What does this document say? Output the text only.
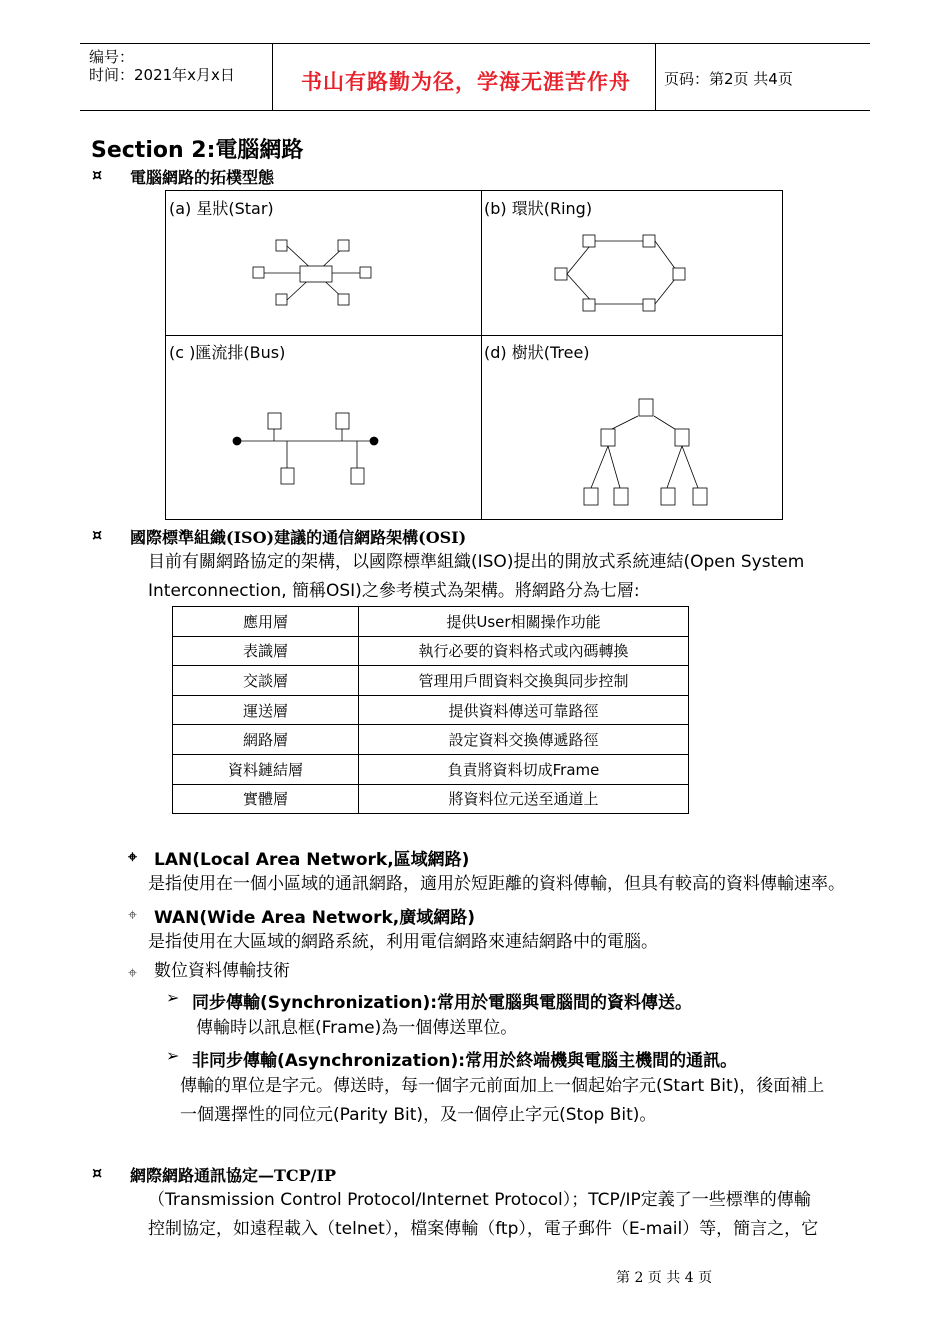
编号：
时间：2021年x月x日	书山有路勤为径，学海无涯苦作舟 页码：第2页 共4页
Section 2:電腦網路
¤ 電腦網路的拓樸型態
(a) 星狀(Star)	(b) 環狀(Ring)
(c )匯流排(Bus)	(d) 樹狀(Tree)
¤ 國際標準組織(ISO)建議的通信網路架構(OSI)
目前有關網路協定的架構，以國際標準組織(ISO)提出的開放式系統連結(Open System
Interconnection, 簡稱OSI)之參考模式為架構。將網路分為七層:
應用層	提供User相關操作功能
表識層	執行必要的資料格式或內碼轉換
交談層	管理用戶間資料交換與同步控制
運送層	提供資料傳送可靠路徑
網路層	設定資料交換傳遞路徑
資料鏈結層	負責將資料切成Frame
實體層	將資料位元送至通道上
⌖ LAN(Local Area Network,區域網路)
是指使用在一個小區域的通訊網路，適用於短距離的資料傳輸，但具有較高的資料傳輸速率。
⌖ WAN(Wide Area Network,廣域網路)
是指使用在大區域的網路系統，利用電信網路來連結網路中的電腦。
⌖ 數位資料傳輸技術
➢ 同步傳輸(Synchronization):常用於電腦與電腦間的資料傳送。
傳輸時以訊息框(Frame)為一個傳送單位。
➢ 非同步傳輸(Asynchronization):常用於終端機與電腦主機間的通訊。
傳輸的單位是字元。傳送時，每一個字元前面加上一個起始字元(Start Bit)，後面補上
一個選擇性的同位元(Parity Bit)，及一個停止字元(Stop Bit)。
¤ 網際網路通訊協定—TCP/IP
（Transmission Control Protocol/Internet Protocol）；TCP/IP定義了一些標準的傳輸
控制協定，如遠程載入（telnet），檔案傳輸（ftp），電子郵件（E-mail）等，簡言之，它
第 2 页 共 4 页
